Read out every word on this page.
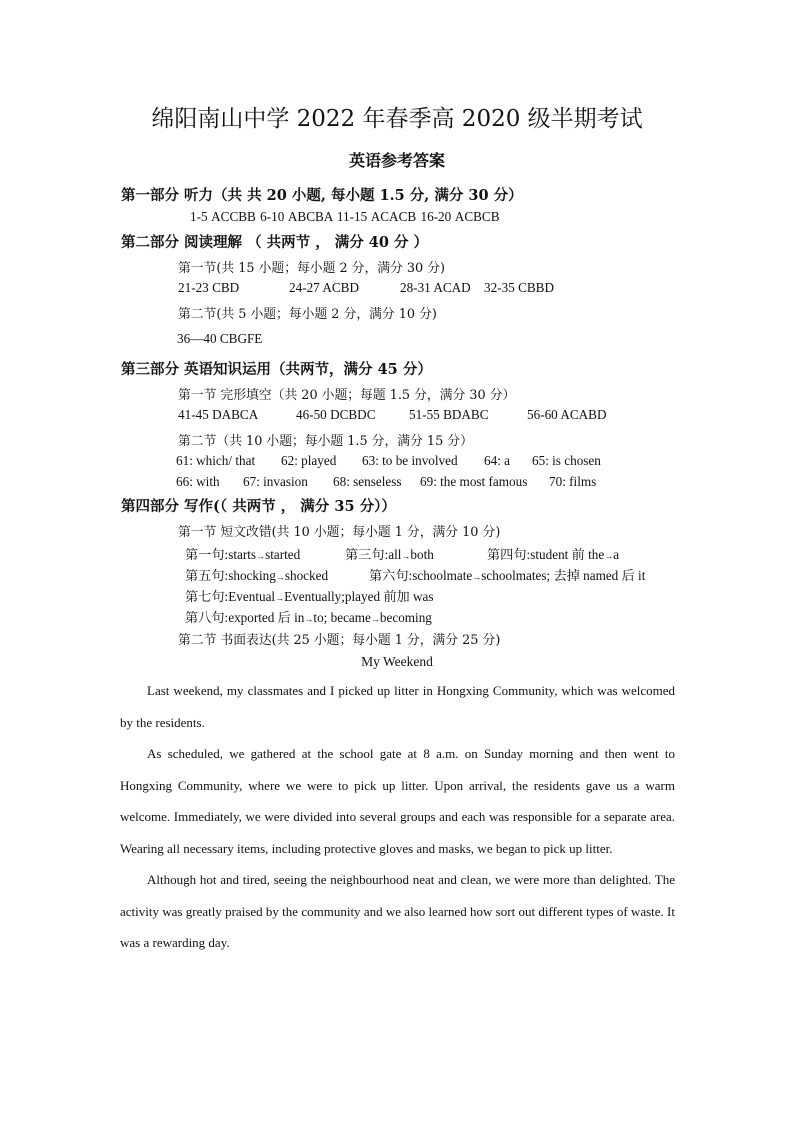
绵阳南山中学 2022 年春季高 2020 级半期考试
英语参考答案
第一部分 听力（共 共 20 小题, 每小题 1.5 分, 满分 30 分）
1-5 ACCBB 6-10 ABCBA 11-15 ACACB 16-20 ACBCB
第二部分 阅读理解 （ 共两节 ， 满分 40 分 ）
第一节(共 15 小题；每小题 2 分，满分 30 分)
21-23 CBD	24-27 ACBD	28-31 ACAD 32-35 CBBD
第二节(共 5 小题；每小题 2 分，满分 10 分)
36—40 CBGFE
第三部分 英语知识运用（共两节，满分 45 分）
第一节 完形填空（共 20 小题；每题 1.5 分，满分 30 分）
41-45 DABCA	46-50 DCBDC	51-55 BDABC	56-60 ACABD
第二节（共 10 小题；每小题 1.5 分，满分 15 分）
61: which/ that 62: played 63: to be involved 64: a 65: is chosen
66: with 67: invasion 68: senseless 69: the most famous 70: films
第四部分 写作(（ 共两节 ， 满分 35 分））
第一节 短文改错(共 10 小题；每小题 1 分，满分 10 分)
第一句:starts→started	第三句:all→both	第四句:student 前 the→a
第五句:shocking→shocked	第六句:schoolmate→schoolmates; 去掉 named 后 it
第七句:Eventual→Eventually;played 前加 was
第八句:exported 后 in→to; became→becoming
第二节 书面表达(共 25 小题；每小题 1 分，满分 25 分)
My Weekend

Last weekend, my classmates and I picked up litter in Hongxing Community, which was welcomed by the residents.

As scheduled, we gathered at the school gate at 8 a.m. on Sunday morning and then went to Hongxing Community, where we were to pick up litter. Upon arrival, the residents gave us a warm welcome. Immediately, we were divided into several groups and each was responsible for a separate area. Wearing all necessary items, including protective gloves and masks, we began to pick up litter.

Although hot and tired, seeing the neighbourhood neat and clean, we were more than delighted. The activity was greatly praised by the community and we also learned how sort out different types of waste. It was a rewarding day.
